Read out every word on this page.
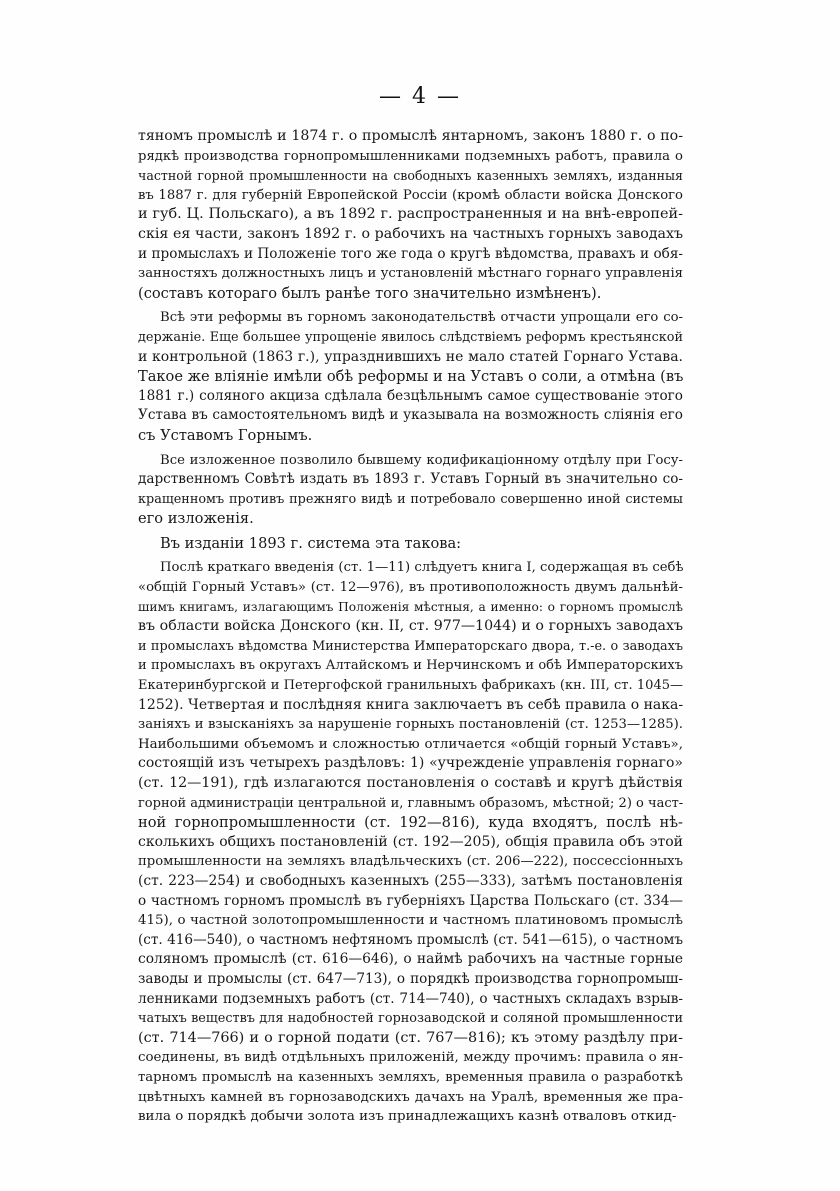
— 4 —

тяномъ промыслѣ и 1874 г. о промыслѣ янтарномъ, законъ 1880 г. о по-
рядкѣ производства горнопромышленниками подземныхъ работъ, правила о
частной горной промышленности на свободныхъ казенныхъ земляхъ, изданныя
въ 1887 г. для губерній Европейской Россіи (кромѣ области войска Донского
и губ. Ц. Польскаго), а въ 1892 г. распространенныя и на внѣ-европей-
скія ея части, законъ 1892 г. о рабочихъ на частныхъ горныхъ заводахъ
и промыслахъ и Положеніе того же года о кругѣ вѣдомства, правахъ и обя-
занностяхъ должностныхъ лицъ и установленій мѣстнаго горнаго управленія
(составъ котораго былъ ранѣе того значительно измѣненъ).

Всѣ эти реформы въ горномъ законодательствѣ отчасти упрощали его со-
держаніе. Еще большее упрощеніе явилось слѣдствіемъ реформъ крестьянской
и контрольной (1863 г.), упразднившихъ не мало статей Горнаго Устава.
Такое же вліяніе имѣли обѣ реформы и на Уставъ о соли, а отмѣна (въ
1881 г.) соляного акциза сдѣлала безцѣльнымъ самое существованіе этого
Устава въ самостоятельномъ видѣ и указывала на возможность слiянія его
съ Уставомъ Горнымъ.

Все изложенное позволило бывшему кодификаціонному отдѣлу при Госу-
дарственномъ Совѣтѣ издать въ 1893 г. Уставъ Горный въ значительно со-
кращенномъ противъ прежняго видѣ и потребовало совершенно иной системы
его изложенія.

Въ изданіи 1893 г. система эта такова:

Послѣ краткаго введенія (ст. 1—11) слѣдуетъ книга I, содержащая въ себѣ
«общій Горный Уставъ» (ст. 12—976), въ противоположность двумъ дальнѣй-
шимъ книгамъ, излагающимъ Положенія мѣстныя, а именно: о горномъ промыслѣ
въ области войска Донского (кн. II, ст. 977—1044) и о горныхъ заводахъ
и промыслахъ вѣдомства Министерства Императорскаго двора, т.-е. о заводахъ
и промыслахъ въ округахъ Алтайскомъ и Нерчинскомъ и обѣ Императорскихъ
Екатеринбургской и Петергофской гранильныхъ фабрикахъ (кн. III, ст. 1045—
1252). Четвертая и послѣдняя книга заключаетъ въ себѣ правила о нака-
заніяхъ и взысканіяхъ за нарушеніе горныхъ постановленій (ст. 1253—1285).
Наибольшими объемомъ и сложностью отличается «общій горный Уставъ»,
состоящій изъ четырехъ раздѣловъ: 1) «учрежденіе управленія горнаго»
(ст. 12—191), гдѣ излагаются постановленія о составѣ и кругѣ дѣйствія
горной администраціи центральной и, главнымъ образомъ, мѣстной; 2) о част-
ной горнопромышленности (ст. 192—816), куда входятъ, послѣ нѣ-
сколькихъ общихъ постановленій (ст. 192—205), общія правила объ этой
промышленности на земляхъ владѣльческихъ (ст. 206—222), поссессіонныхъ
(ст. 223—254) и свободныхъ казенныхъ (255—333), затѣмъ постановленія
о частномъ горномъ промыслѣ въ губерніяхъ Царства Польскаго (ст. 334—
415), о частной золотопромышленности и частномъ платиновомъ промыслѣ
(ст. 416—540), о частномъ нефтяномъ промыслѣ (ст. 541—615), о частномъ
соляномъ промыслѣ (ст. 616—646), о наймѣ рабочихъ на частные горные
заводы и промыслы (ст. 647—713), о порядкѣ производства горнопромыш-
ленниками подземныхъ работъ (ст. 714—740), о частныхъ складахъ взрыв-
чатыхъ веществъ для надобностей горнозаводской и соляной промышленности
(ст. 714—766) и о горной подати (ст. 767—816); къ этому раздѣлу при-
соединены, въ видѣ отдѣльныхъ приложеній, между прочимъ: правила о ян-
тарномъ промыслѣ на казенныхъ земляхъ, временныя правила о разработкѣ
цвѣтныхъ камней въ горнозаводскихъ дачахъ на Уралѣ, временныя же пра-
вила о порядкѣ добычи золота изъ принадлежащихъ казнѣ отваловъ откид-
